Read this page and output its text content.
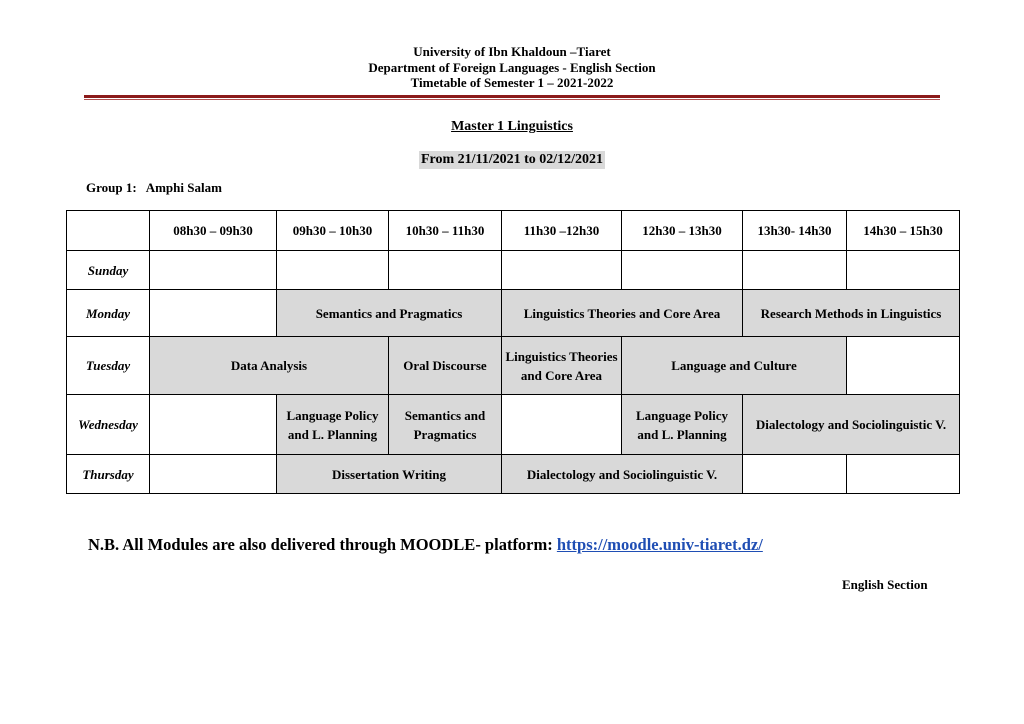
University of Ibn Khaldoun –Tiaret
Department of Foreign Languages - English Section
Timetable of Semester 1 – 2021-2022
Master 1 Linguistics
From 21/11/2021 to 02/12/2021
Group 1:   Amphi Salam
	08h30 – 09h30	09h30 – 10h30	10h30 – 11h30	11h30 –12h30	12h30 – 13h30	13h30- 14h30	14h30 – 15h30
Sunday							
Monday		Semantics and Pragmatics		Linguistics Theories and Core Area		Research Methods in Linguistics	
Tuesday	Data Analysis		Oral Discourse	Linguistics Theories and Core Area	Language and Culture		
Wednesday		Language Policy and L. Planning	Semantics and Pragmatics		Language Policy and L. Planning	Dialectology and Sociolinguistic V.	
Thursday		Dissertation Writing		Dialectology and Sociolinguistic V.			
N.B. All Modules are also delivered through MOODLE- platform: https://moodle.univ-tiaret.dz/
English Section
